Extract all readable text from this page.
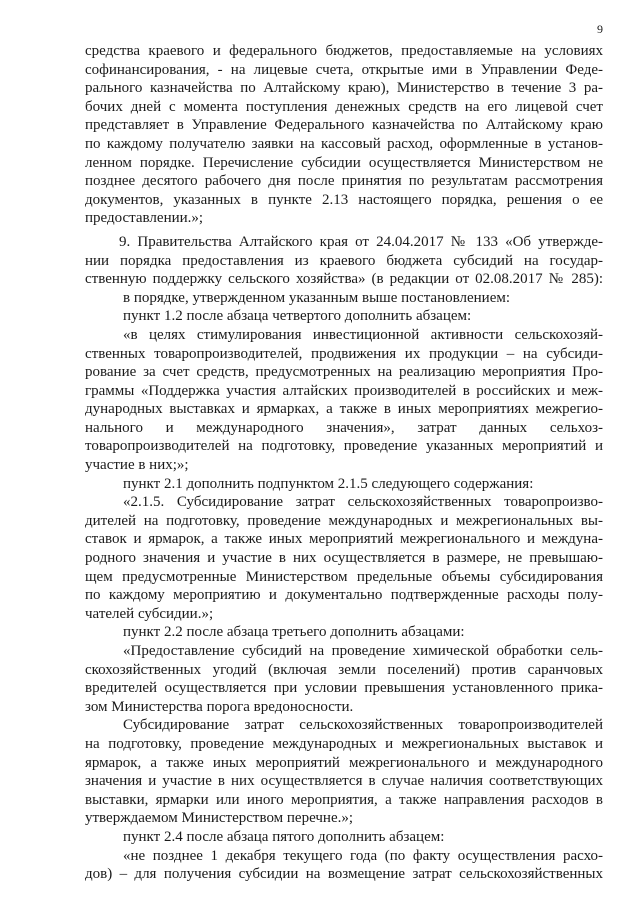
9
средства краевого и федерального бюджетов, предоставляемые на условиях
софинансирования, - на лицевые счета, открытые ими в Управлении Феде-
рального казначейства по Алтайскому краю), Министерство в течение 3 ра-
бочих дней с момента поступления денежных средств на его лицевой счет
представляет в Управление Федерального казначейства по Алтайскому краю
по каждому получателю заявки на кассовый расход, оформленные в установ-
ленном порядке. Перечисление субсидии осуществляется Министерством не
позднее десятого рабочего дня после принятия по результатам рассмотрения
документов, указанных в пункте 2.13 настоящего порядка, решения о ее
предоставлении.»;
9. Правительства Алтайского края от 24.04.2017 № 133 «Об утвержде-
нии порядка предоставления из краевого бюджета субсидий на государ-
ственную поддержку сельского хозяйства» (в редакции от 02.08.2017 № 285):
в порядке, утвержденном указанным выше постановлением:
пункт 1.2 после абзаца четвертого дополнить абзацем:
«в целях стимулирования инвестиционной активности сельскохозяй-
ственных товаропроизводителей, продвижения их продукции – на субсиди-
рование за счет средств, предусмотренных на реализацию мероприятия Про-
граммы «Поддержка участия алтайских производителей в российских и меж-
дународных выставках и ярмарках, а также в иных мероприятиях межрегио-
нального и международного значения», затрат данных сельхоз-
товаропроизводителей на подготовку, проведение указанных мероприятий и
участие в них;»;
пункт 2.1 дополнить подпунктом 2.1.5 следующего содержания:
«2.1.5. Субсидирование затрат сельскохозяйственных товаропроизво-
дителей на подготовку, проведение международных и межрегиональных вы-
ставок и ярмарок, а также иных мероприятий межрегионального и междуна-
родного значения и участие в них осуществляется в размере, не превышаю-
щем предусмотренные Министерством предельные объемы субсидирования
по каждому мероприятию и документально подтвержденные расходы полу-
чателей субсидии.»;
пункт 2.2 после абзаца третьего дополнить абзацами:
«Предоставление субсидий на проведение химической обработки сель-
скохозяйственных угодий (включая земли поселений) против саранчовых
вредителей осуществляется при условии превышения установленного прика-
зом Министерства порога вредоносности.
Субсидирование затрат сельскохозяйственных товаропроизводителей
на подготовку, проведение международных и межрегиональных выставок и
ярмарок, а также иных мероприятий межрегионального и международного
значения и участие в них осуществляется в случае наличия соответствующих
выставки, ярмарки или иного мероприятия, а также направления расходов в
утверждаемом Министерством перечне.»;
пункт 2.4 после абзаца пятого дополнить абзацем:
«не позднее 1 декабря текущего года (по факту осуществления расхо-
дов) – для получения субсидии на возмещение затрат сельскохозяйственных
